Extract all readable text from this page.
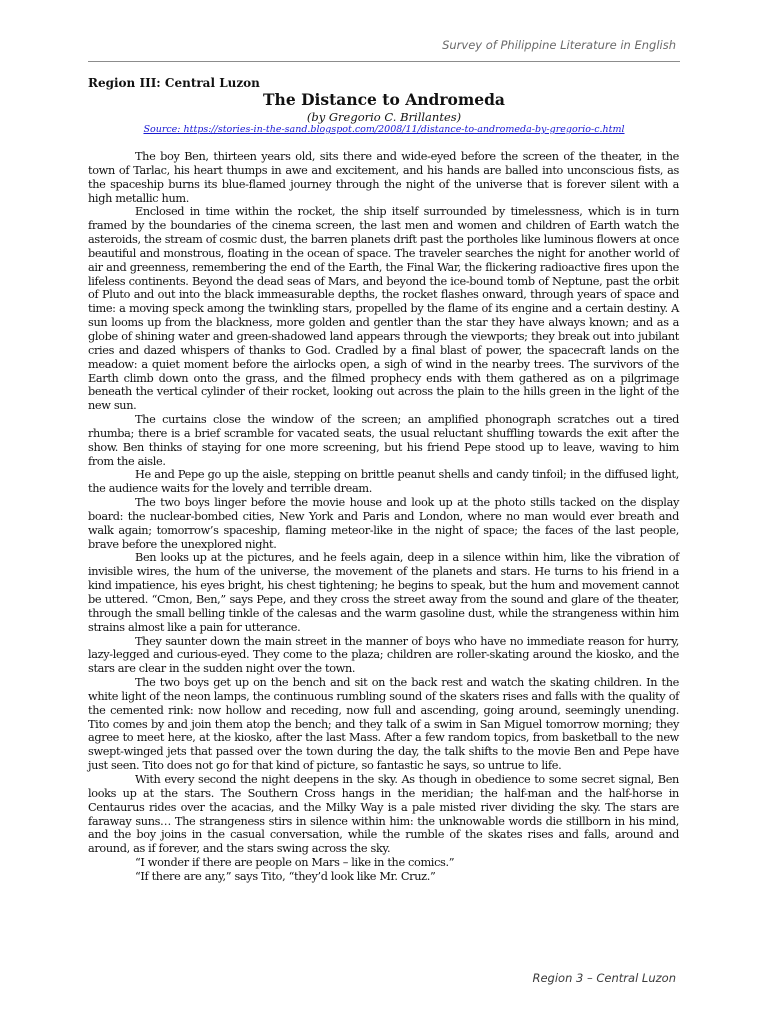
Survey of Philippine Literature in English
Region III: Central Luzon
The Distance to Andromeda
(by Gregorio C. Brillantes)
Source: https://stories-in-the-sand.blogspot.com/2008/11/distance-to-andromeda-by-gregorio-c.html

The boy Ben, thirteen years old, sits there and wide-eyed before the screen of the theater, in the town of Tarlac, his heart thumps in awe and excitement, and his hands are balled into unconscious fists, as the spaceship burns its blue-flamed journey through the night of the universe that is forever silent with a high metallic hum.

Enclosed in time within the rocket, the ship itself surrounded by timelessness, which is in turn framed by the boundaries of the cinema screen, the last men and women and children of Earth watch the asteroids, the stream of cosmic dust, the barren planets drift past the portholes like luminous flowers at once beautiful and monstrous, floating in the ocean of space. The traveler searches the night for another world of air and greenness, remembering the end of the Earth, the Final War, the flickering radioactive fires upon the lifeless continents. Beyond the dead seas of Mars, and beyond the ice-bound tomb of Neptune, past the orbit of Pluto and out into the black immeasurable depths, the rocket flashes onward, through years of space and time: a moving speck among the twinkling stars, propelled by the flame of its engine and a certain destiny. A sun looms up from the blackness, more golden and gentler than the star they have always known; and as a globe of shining water and green-shadowed land appears through the viewports; they break out into jubilant cries and dazed whispers of thanks to God. Cradled by a final blast of power, the spacecraft lands on the meadow: a quiet moment before the airlocks open, a sigh of wind in the nearby trees. The survivors of the Earth climb down onto the grass, and the filmed prophecy ends with them gathered as on a pilgrimage beneath the vertical cylinder of their rocket, looking out across the plain to the hills green in the light of the new sun.

The curtains close the window of the screen; an amplified phonograph scratches out a tired rhumba; there is a brief scramble for vacated seats, the usual reluctant shuffling towards the exit after the show. Ben thinks of staying for one more screening, but his friend Pepe stood up to leave, waving to him from the aisle.

He and Pepe go up the aisle, stepping on brittle peanut shells and candy tinfoil; in the diffused light, the audience waits for the lovely and terrible dream.

The two boys linger before the movie house and look up at the photo stills tacked on the display board: the nuclear-bombed cities, New York and Paris and London, where no man would ever breath and walk again; tomorrow’s spaceship, flaming meteor-like in the night of space; the faces of the last people, brave before the unexplored night.

Ben looks up at the pictures, and he feels again, deep in a silence within him, like the vibration of invisible wires, the hum of the universe, the movement of the planets and stars. He turns to his friend in a kind impatience, his eyes bright, his chest tightening; he begins to speak, but the hum and movement cannot be uttered. “Cmon, Ben,” says Pepe, and they cross the street away from the sound and glare of the theater, through the small belling tinkle of the calesas and the warm gasoline dust, while the strangeness within him strains almost like a pain for utterance.

They saunter down the main street in the manner of boys who have no immediate reason for hurry, lazy-legged and curious-eyed. They come to the plaza; children are roller-skating around the kiosko, and the stars are clear in the sudden night over the town.

The two boys get up on the bench and sit on the back rest and watch the skating children. In the white light of the neon lamps, the continuous rumbling sound of the skaters rises and falls with the quality of the cemented rink: now hollow and receding, now full and ascending, going around, seemingly unending. Tito comes by and join them atop the bench; and they talk of a swim in San Miguel tomorrow morning; they agree to meet here, at the kiosko, after the last Mass. After a few random topics, from basketball to the new swept-winged jets that passed over the town during the day, the talk shifts to the movie Ben and Pepe have just seen. Tito does not go for that kind of picture, so fantastic he says, so untrue to life.

With every second the night deepens in the sky. As though in obedience to some secret signal, Ben looks up at the stars. The Southern Cross hangs in the meridian; the half-man and the half-horse in Centaurus rides over the acacias, and the Milky Way is a pale misted river dividing the sky. The stars are faraway suns… The strangeness stirs in silence within him: the unknowable words die stillborn in his mind, and the boy joins in the casual conversation, while the rumble of the skates rises and falls, around and around, as if forever, and the stars swing across the sky.

“I wonder if there are people on Mars – like in the comics.”

“If there are any,” says Tito, “they’d look like Mr. Cruz.”

Region 3 – Central Luzon
